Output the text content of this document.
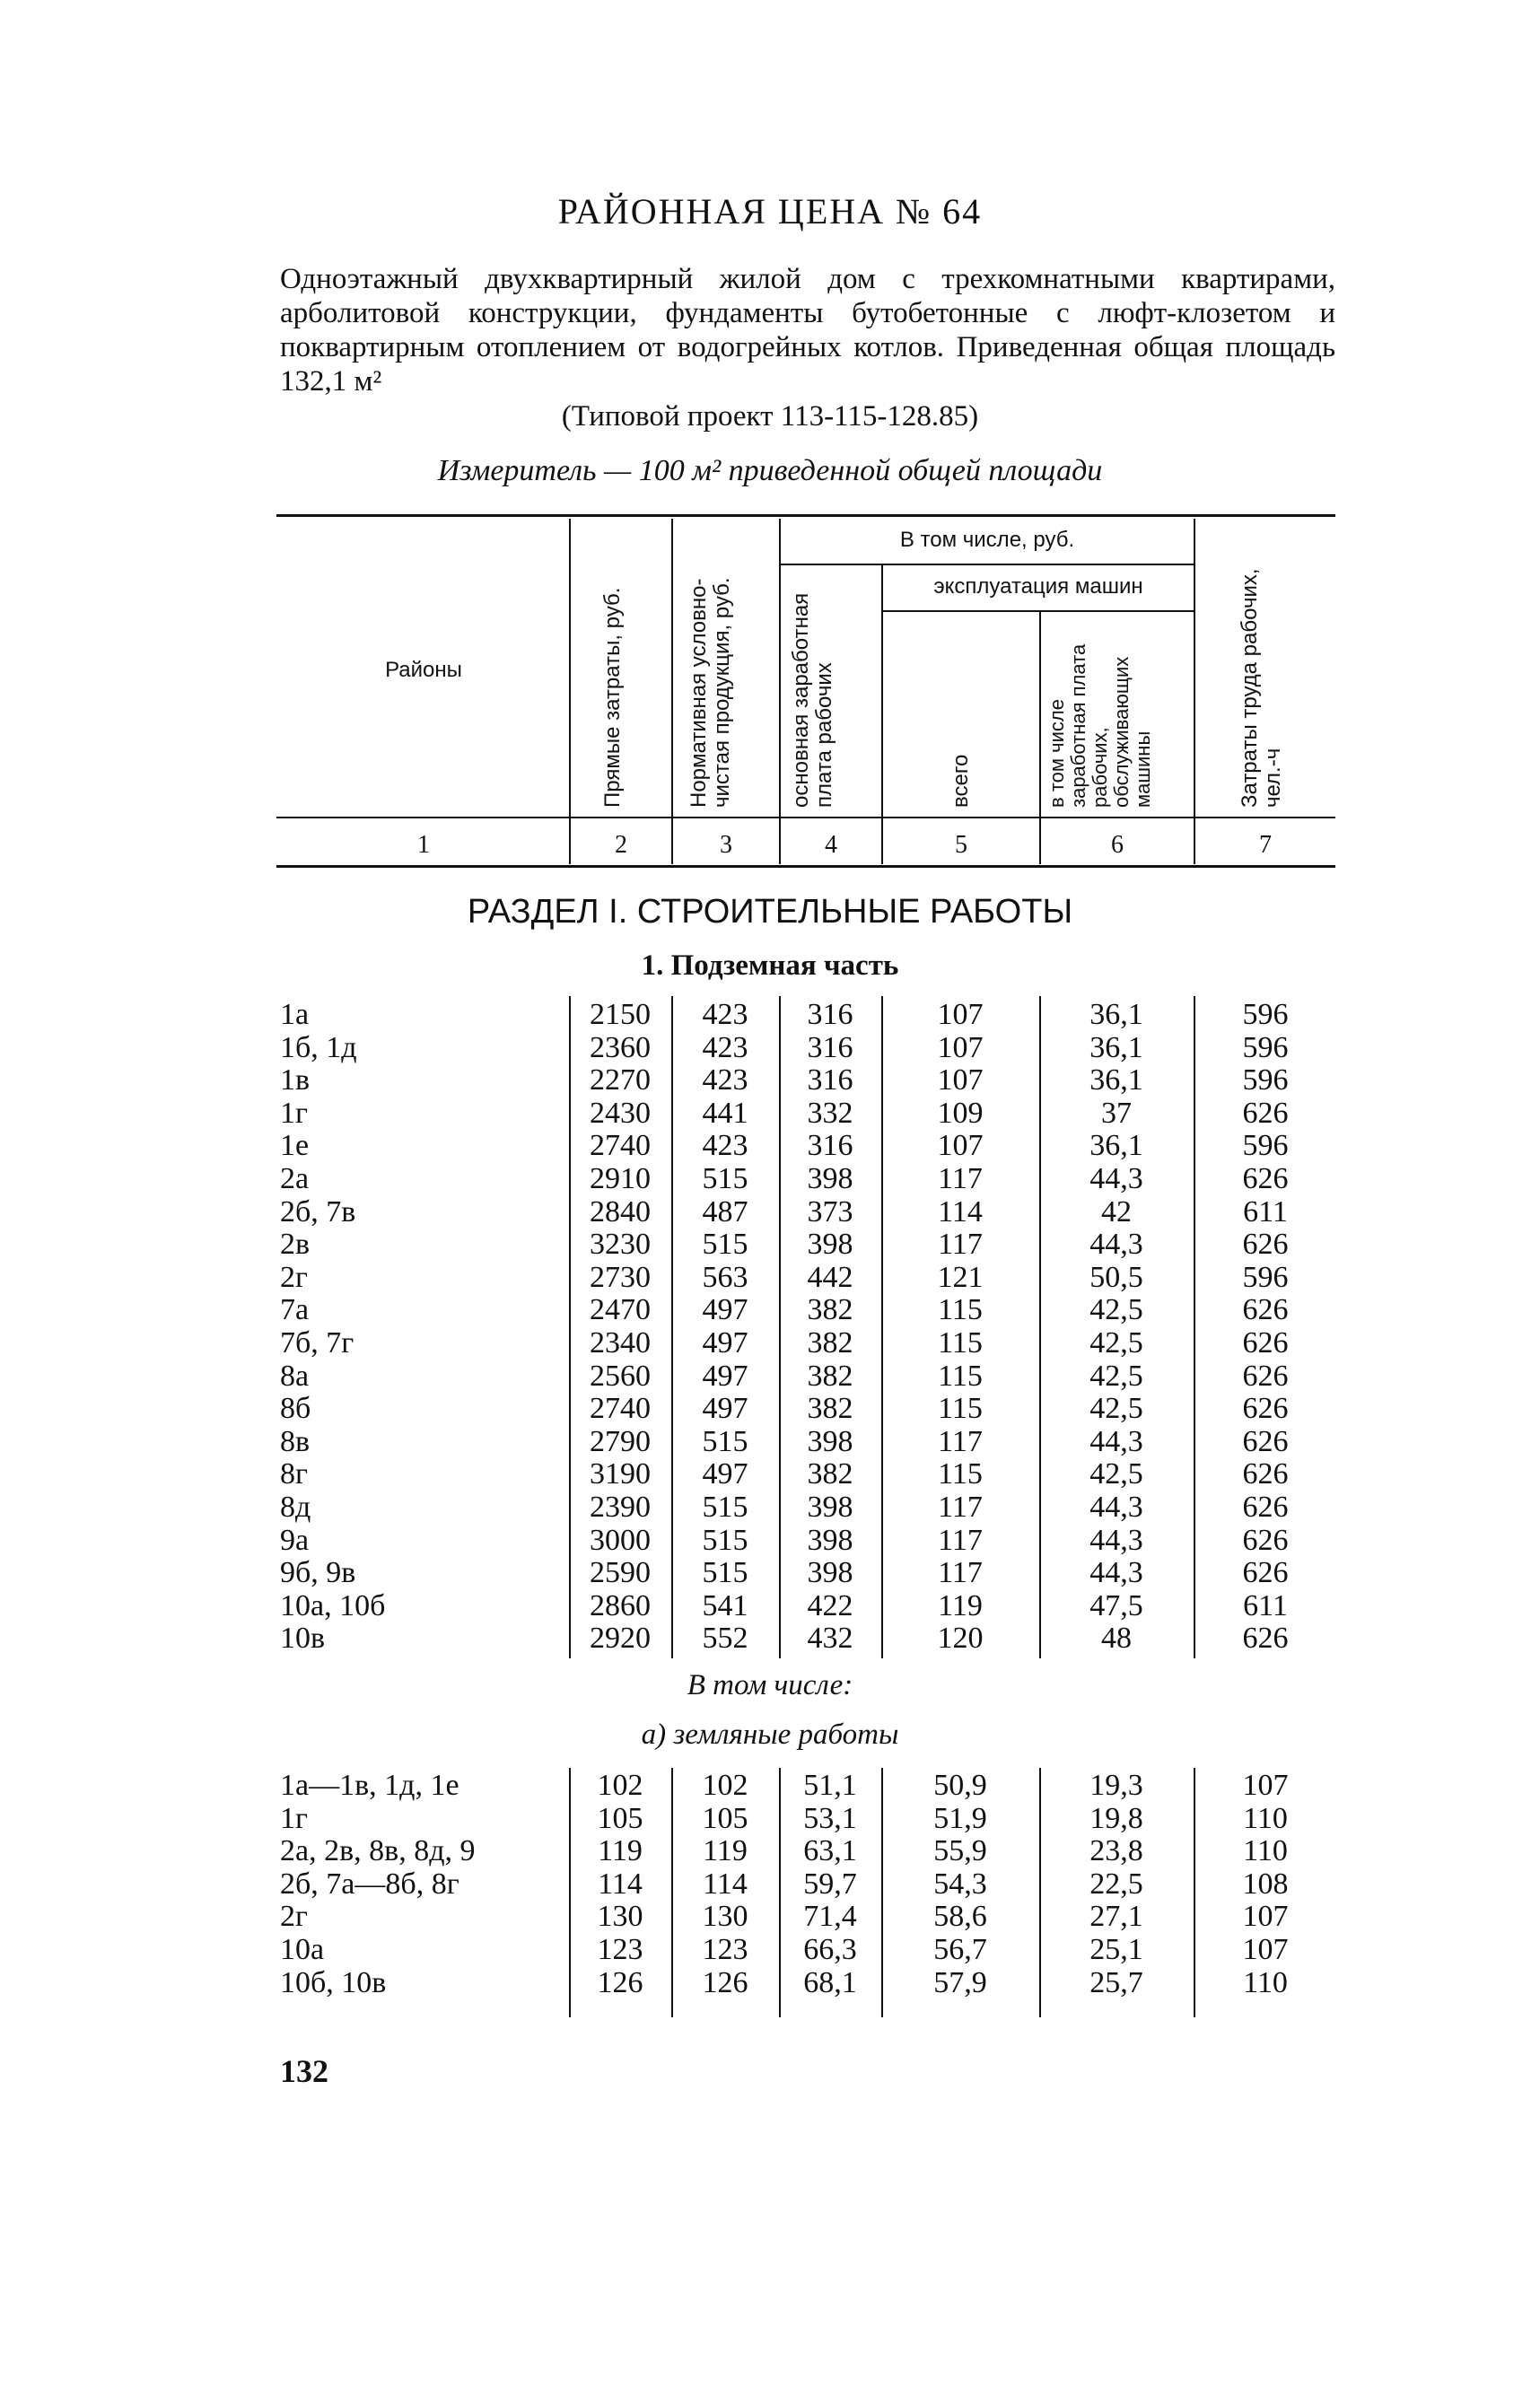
РАЙОННАЯ ЦЕНА № 64
Одноэтажный двухквартирный жилой дом с трехкомнатными квартирами, арболитовой конструкции, фундаменты бутобетонные с люфт-клозетом и поквартирным отоплением от водогрейных котлов. Приведенная общая площадь 132,1 м²
(Типовой проект 113-115-128.85)
Измеритель — 100 м² приведенной общей площади
Районы
В том числе, руб.
эксплуатация машин
Прямые затраты, руб.	Нормативная условно-чистая продукция, руб.	основная заработная плата рабочих	всего	в том числе заработная плата рабочих, обслуживающих машины	Затраты труда рабочих, чел.-ч
1	2	3	4	5	6	7
РАЗДЕЛ I. СТРОИТЕЛЬНЫЕ РАБОТЫ
1. Подземная часть
1а	2150	423	316	107	36,1	596
1б, 1д	2360	423	316	107	36,1	596
1в	2270	423	316	107	36,1	596
1г	2430	441	332	109	37	626
1е	2740	423	316	107	36,1	596
2а	2910	515	398	117	44,3	626
2б, 7в	2840	487	373	114	42	611
2в	3230	515	398	117	44,3	626
2г	2730	563	442	121	50,5	596
7а	2470	497	382	115	42,5	626
7б, 7г	2340	497	382	115	42,5	626
8а	2560	497	382	115	42,5	626
8б	2740	497	382	115	42,5	626
8в	2790	515	398	117	44,3	626
8г	3190	497	382	115	42,5	626
8д	2390	515	398	117	44,3	626
9а	3000	515	398	117	44,3	626
9б, 9в	2590	515	398	117	44,3	626
10а, 10б	2860	541	422	119	47,5	611
10в	2920	552	432	120	48	626
В том числе:
а) земляные работы
1а—1в, 1д, 1е	102	102	51,1	50,9	19,3	107
1г	105	105	53,1	51,9	19,8	110
2а, 2в, 8в, 8д, 9	119	119	63,1	55,9	23,8	110
2б, 7а—8б, 8г	114	114	59,7	54,3	22,5	108
2г	130	130	71,4	58,6	27,1	107
10а	123	123	66,3	56,7	25,1	107
10б, 10в	126	126	68,1	57,9	25,7	110
132
